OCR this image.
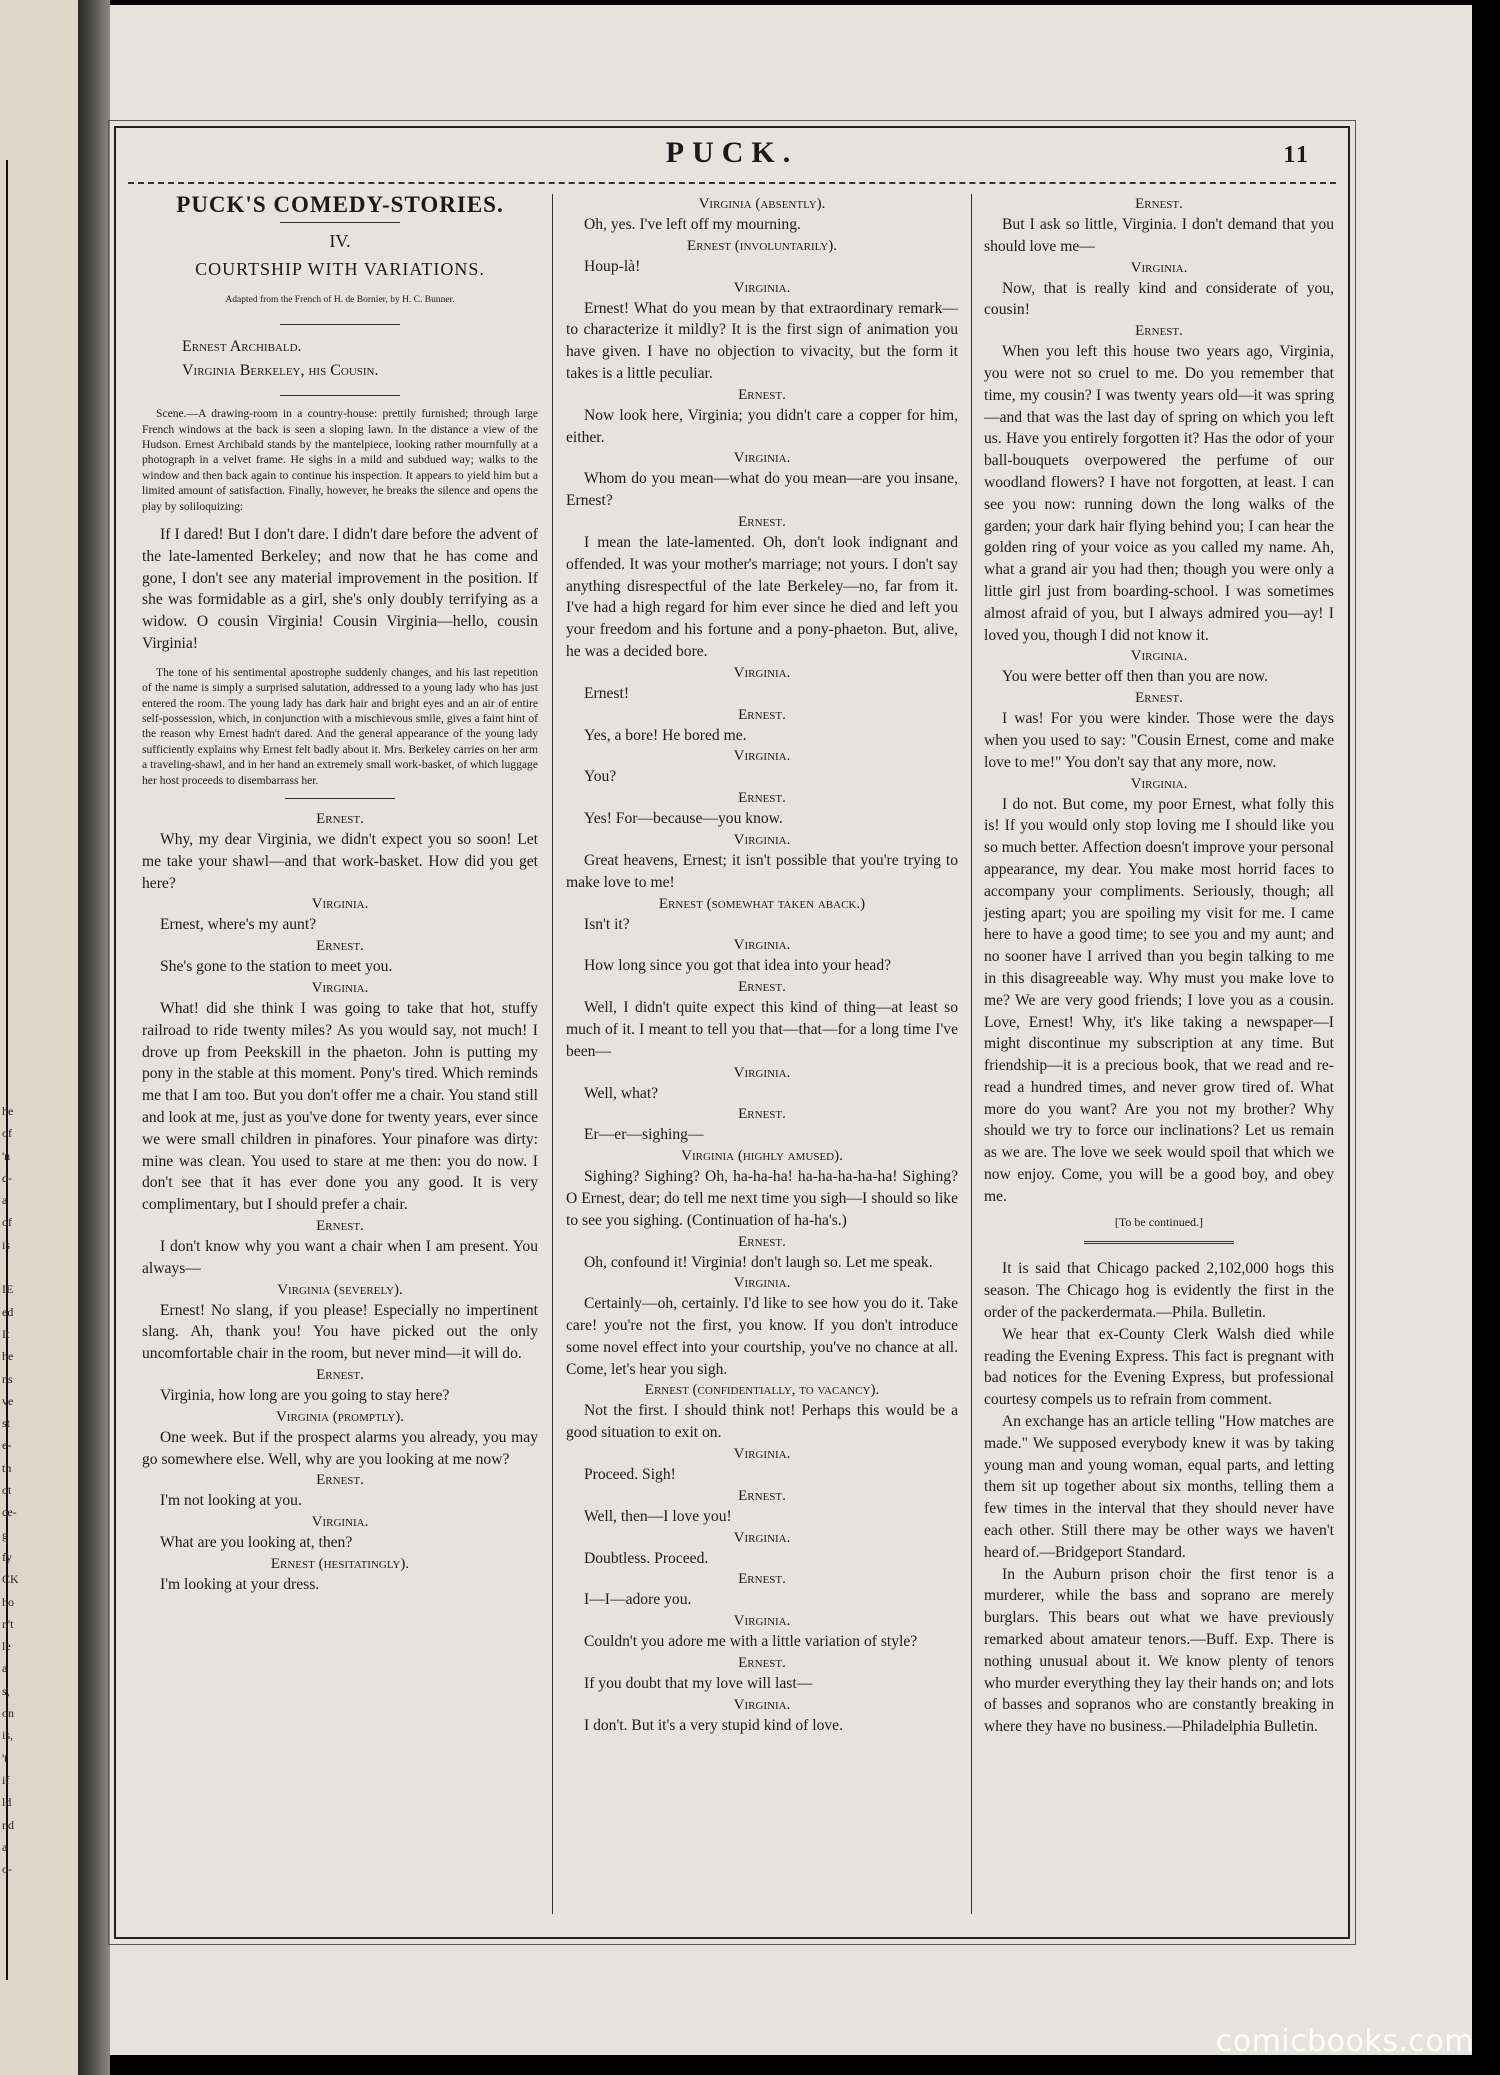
he
of
'n
d-
a
of
is

IE
ed
It
he
ns
ve
st
e-
th
ot
ce-
g
fy
CK
ho
n't
le
a
s,
on
is,
't
if
ld
nd
a
o-
PUCK.	11
PUCK'S COMEDY-STORIES.
IV.
COURTSHIP WITH VARIATIONS.
Adapted from the French of H. de Bornier, by H. C. Bunner.
Ernest Archibald.
Virginia Berkeley, his Cousin.

Scene.—A drawing-room in a country-house: prettily furnished; through large French windows at the back is seen a sloping lawn. In the distance a view of the Hudson. Ernest Archibald stands by the mantelpiece, looking rather mournfully at a photograph in a velvet frame. He sighs in a mild and subdued way; walks to the window and then back again to continue his inspection. It appears to yield him but a limited amount of satisfaction. Finally, however, he breaks the silence and opens the play by soliloquizing:

If I dared! But I don't dare. I didn't dare before the advent of the late-lamented Berkeley; and now that he has come and gone, I don't see any material improvement in the position. If she was formidable as a girl, she's only doubly terrifying as a widow. O cousin Virginia! Cousin Virginia—hello, cousin Virginia!

The tone of his sentimental apostrophe suddenly changes, and his last repetition of the name is simply a surprised salutation, addressed to a young lady who has just entered the room. The young lady has dark hair and bright eyes and an air of entire self-possession, which, in conjunction with a mischievous smile, gives a faint hint of the reason why Ernest hadn't dared. And the general appearance of the young lady sufficiently explains why Ernest felt badly about it. Mrs. Berkeley carries on her arm a traveling-shawl, and in her hand an extremely small work-basket, of which luggage her host proceeds to disembarrass her.

Ernest.

Why, my dear Virginia, we didn't expect you so soon! Let me take your shawl—and that work-basket. How did you get here?

Virginia.

Ernest, where's my aunt?

Ernest.

She's gone to the station to meet you.

Virginia.

What! did she think I was going to take that hot, stuffy railroad to ride twenty miles? As you would say, not much! I drove up from Peekskill in the phaeton. John is putting my pony in the stable at this moment. Pony's tired. Which reminds me that I am too. But you don't offer me a chair. You stand still and look at me, just as you've done for twenty years, ever since we were small children in pinafores. Your pinafore was dirty: mine was clean. You used to stare at me then: you do now. I don't see that it has ever done you any good. It is very complimentary, but I should prefer a chair.

Ernest.

I don't know why you want a chair when I am present. You always—

Virginia (severely).

Ernest! No slang, if you please! Especially no impertinent slang. Ah, thank you! You have picked out the only uncomfortable chair in the room, but never mind—it will do.

Ernest.

Virginia, how long are you going to stay here?

Virginia (promptly).

One week. But if the prospect alarms you already, you may go somewhere else. Well, why are you looking at me now?

Ernest.

I'm not looking at you.

Virginia.

What are you looking at, then?

Ernest (hesitatingly).

I'm looking at your dress.

Virginia (absently).

Oh, yes. I've left off my mourning.

Ernest (involuntarily).

Houp-là!

Virginia.

Ernest! What do you mean by that extraordinary remark—to characterize it mildly? It is the first sign of animation you have given. I have no objection to vivacity, but the form it takes is a little peculiar.

Ernest.

Now look here, Virginia; you didn't care a copper for him, either.

Virginia.

Whom do you mean—what do you mean—are you insane, Ernest?

Ernest.

I mean the late-lamented. Oh, don't look indignant and offended. It was your mother's marriage; not yours. I don't say anything disrespectful of the late Berkeley—no, far from it. I've had a high regard for him ever since he died and left you your freedom and his fortune and a pony-phaeton. But, alive, he was a decided bore.

Virginia.

Ernest!

Ernest.

Yes, a bore! He bored me.

Virginia.

You?

Ernest.

Yes! For—because—you know.

Virginia.

Great heavens, Ernest; it isn't possible that you're trying to make love to me!

Ernest (somewhat taken aback.)

Isn't it?

Virginia.

How long since you got that idea into your head?

Ernest.

Well, I didn't quite expect this kind of thing—at least so much of it. I meant to tell you that—that—for a long time I've been—

Virginia.

Well, what?

Ernest.

Er—er—sighing—

Virginia (highly amused).

Sighing? Sighing? Oh, ha-ha-ha! ha-ha-ha-ha-ha! Sighing? O Ernest, dear; do tell me next time you sigh—I should so like to see you sighing. (Continuation of ha-ha's.)

Ernest.

Oh, confound it! Virginia! don't laugh so. Let me speak.

Virginia.

Certainly—oh, certainly. I'd like to see how you do it. Take care! you're not the first, you know. If you don't introduce some novel effect into your courtship, you've no chance at all. Come, let's hear you sigh.

Ernest (confidentially, to vacancy).

Not the first. I should think not! Perhaps this would be a good situation to exit on.

Virginia.

Proceed. Sigh!

Ernest.

Well, then—I love you!

Virginia.

Doubtless. Proceed.

Ernest.

I—I—adore you.

Virginia.

Couldn't you adore me with a little variation of style?

Ernest.

If you doubt that my love will last—

Virginia.

I don't. But it's a very stupid kind of love.

Ernest.

But I ask so little, Virginia. I don't demand that you should love me—

Virginia.

Now, that is really kind and considerate of you, cousin!

Ernest.

When you left this house two years ago, Virginia, you were not so cruel to me. Do you remember that time, my cousin? I was twenty years old—it was spring—and that was the last day of spring on which you left us. Have you entirely forgotten it? Has the odor of your ball-bouquets overpowered the perfume of our woodland flowers? I have not forgotten, at least. I can see you now: running down the long walks of the garden; your dark hair flying behind you; I can hear the golden ring of your voice as you called my name. Ah, what a grand air you had then; though you were only a little girl just from boarding-school. I was sometimes almost afraid of you, but I always admired you—ay! I loved you, though I did not know it.

Virginia.

You were better off then than you are now.

Ernest.

I was! For you were kinder. Those were the days when you used to say: "Cousin Ernest, come and make love to me!" You don't say that any more, now.

Virginia.

I do not. But come, my poor Ernest, what folly this is! If you would only stop loving me I should like you so much better. Affection doesn't improve your personal appearance, my dear. You make most horrid faces to accompany your compliments. Seriously, though; all jesting apart; you are spoiling my visit for me. I came here to have a good time; to see you and my aunt; and no sooner have I arrived than you begin talking to me in this disagreeable way. Why must you make love to me? We are very good friends; I love you as a cousin. Love, Ernest! Why, it's like taking a newspaper—I might discontinue my subscription at any time. But friendship—it is a precious book, that we read and re-read a hundred times, and never grow tired of. What more do you want? Are you not my brother? Why should we try to force our inclinations? Let us remain as we are. The love we seek would spoil that which we now enjoy. Come, you will be a good boy, and obey me.

[To be continued.]

It is said that Chicago packed 2,102,000 hogs this season. The Chicago hog is evidently the first in the order of the packerdermata.—Phila. Bulletin.

We hear that ex-County Clerk Walsh died while reading the Evening Express. This fact is pregnant with bad notices for the Evening Express, but professional courtesy compels us to refrain from comment.

An exchange has an article telling "How matches are made." We supposed everybody knew it was by taking young man and young woman, equal parts, and letting them sit up together about six months, telling them a few times in the interval that they should never have each other. Still there may be other ways we haven't heard of.—Bridgeport Standard.

In the Auburn prison choir the first tenor is a murderer, while the bass and soprano are merely burglars. This bears out what we have previously remarked about amateur tenors.—Buff. Exp. There is nothing unusual about it. We know plenty of tenors who murder everything they lay their hands on; and lots of basses and sopranos who are constantly breaking in where they have no business.—Philadelphia Bulletin.

comicbooks.com
